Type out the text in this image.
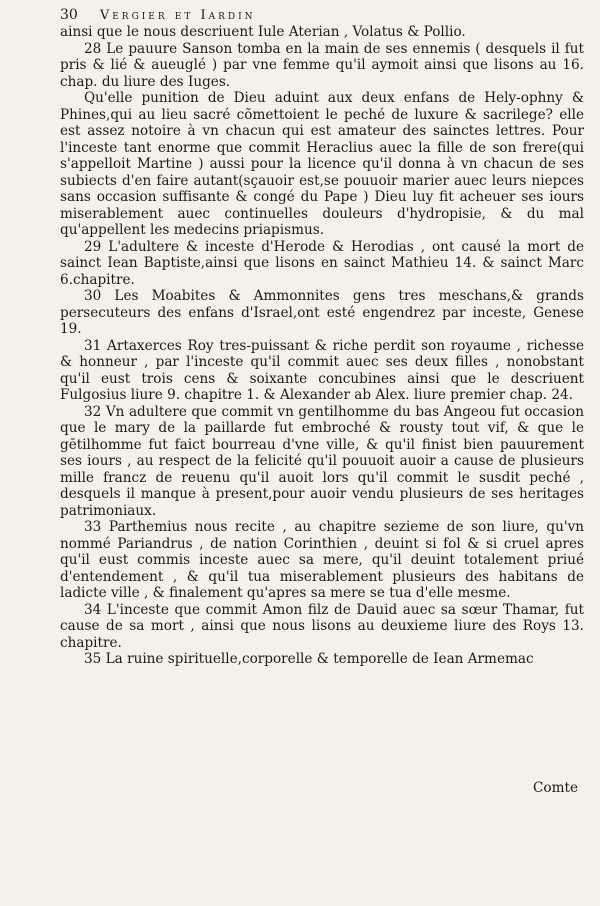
30 Vergier et Iardin

ainsi que le nous descriuent Iule Aterian , Volatus & Pollio.

28 Le pauure Sanson tomba en la main de ses ennemis ( desquels il fut pris & lié & aueuglé ) par vne femme qu'il aymoit ainsi que lisons au 16. chap. du liure des Iuges.

Qu'elle punition de Dieu aduint aux deux enfans de Hely-ophny & Phines,qui au lieu sacré cõmettoient le peché de luxure & sacrilege? elle est assez notoire à vn chacun qui est amateur des sainctes lettres. Pour l'inceste tant enorme que commit Heraclius auec la fille de son frere(qui s'appelloit Martine ) aussi pour la licence qu'il donna à vn chacun de ses subiects d'en faire autant(sçauoir est,se pouuoir marier auec leurs niepces sans occasion suffisante & congé du Pape ) Dieu luy fit acheuer ses iours miserablement auec continuelles douleurs d'hydropisie, & du mal qu'appellent les medecins priapismus.

29 L'adultere & inceste d'Herode & Herodias , ont causé la mort de sainct Iean Baptiste,ainsi que lisons en sainct Mathieu 14. & sainct Marc 6.chapitre.

30 Les Moabites & Ammonnites gens tres meschans,& grands persecuteurs des enfans d'Israel,ont esté engendrez par inceste, Genese 19.

31 Artaxerces Roy tres-puissant & riche perdit son royaume , richesse & honneur , par l'inceste qu'il commit auec ses deux filles , nonobstant qu'il eust trois cens & soixante concubines ainsi que le descriuent Fulgosius liure 9. chapitre 1. & Alexander ab Alex. liure premier chap. 24.

32 Vn adultere que commit vn gentilhomme du bas Angeou fut occasion que le mary de la paillarde fut embroché & rousty tout vif, & que le gētilhomme fut faict bourreau d'vne ville, & qu'il finist bien pauurement ses iours , au respect de la felicité qu'il pouuoit auoir a cause de plusieurs mille francz de reuenu qu'il auoit lors qu'il commit le susdit peché , desquels il manque à present,pour auoir vendu plusieurs de ses heritages patrimoniaux.

33 Parthemius nous recite , au chapitre sezieme de son liure, qu'vn nommé Pariandrus , de nation Corinthien , deuint si fol & si cruel apres qu'il eust commis inceste auec sa mere, qu'il deuint totalement priué d'entendement , & qu'il tua miserablement plusieurs des habitans de ladicte ville , & finalement qu'apres sa mere se tua d'elle mesme.

34 L'inceste que commit Amon filz de Dauid auec sa sœur Thamar, fut cause de sa mort , ainsi que nous lisons au deuxieme liure des Roys 13. chapitre.

35 La ruine spirituelle,corporelle & temporelle de Iean Armemac

Comte
